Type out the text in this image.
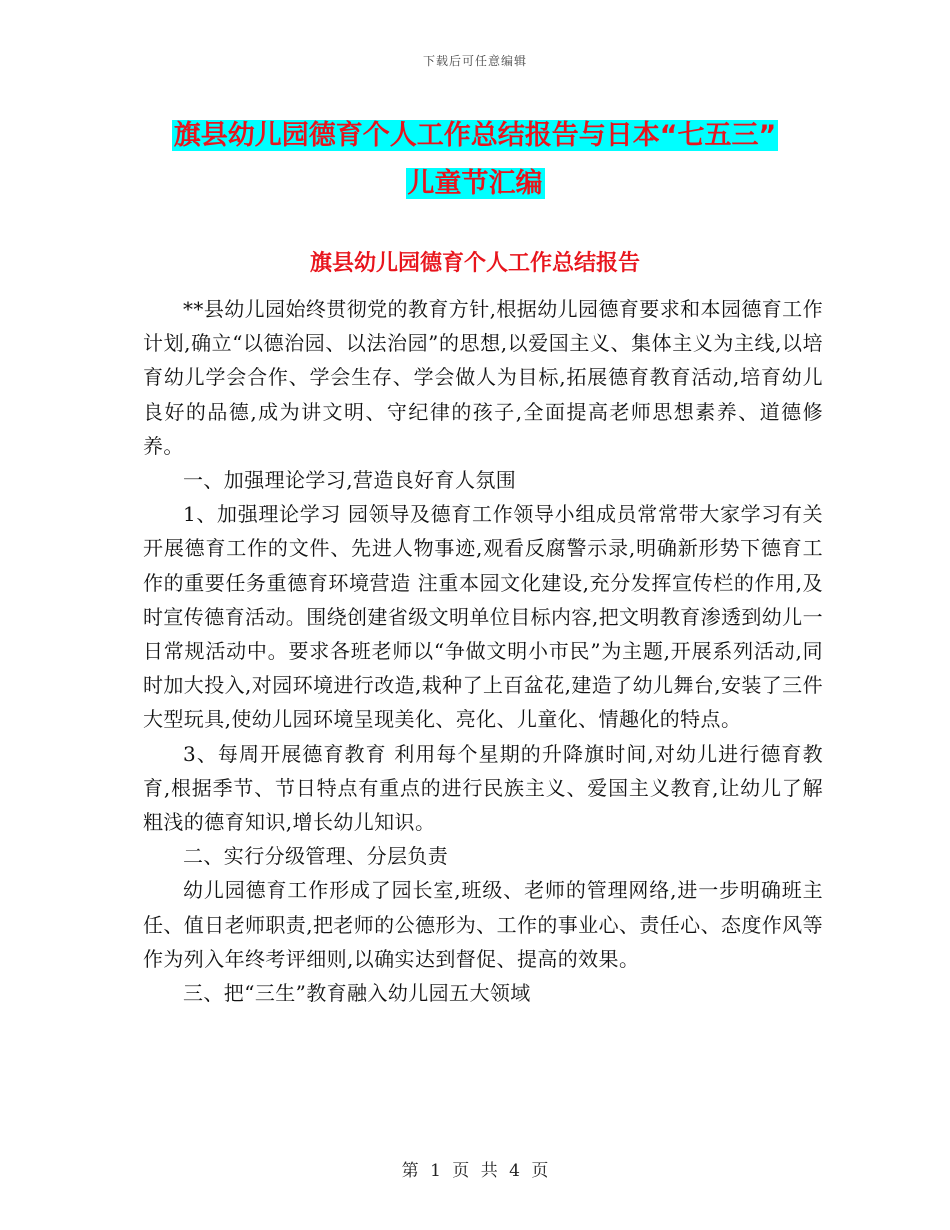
下载后可任意编辑
旗县幼儿园德育个人工作总结报告与日本“七五三”
儿童节汇编
旗县幼儿园德育个人工作总结报告

**县幼儿园始终贯彻党的教育方针,根据幼儿园德育要求和本园德育工作计划,确立“以德治园、以法治园”的思想,以爱国主义、集体主义为主线,以培育幼儿学会合作、学会生存、学会做人为目标,拓展德育教育活动,培育幼儿良好的品德,成为讲文明、守纪律的孩子,全面提高老师思想素养、道德修养。

一、加强理论学习,营造良好育人氛围

1、加强理论学习 园领导及德育工作领导小组成员常常带大家学习有关开展德育工作的文件、先进人物事迹,观看反腐警示录,明确新形势下德育工作的重要任务重德育环境营造 注重本园文化建设,充分发挥宣传栏的作用,及时宣传德育活动。围绕创建省级文明单位目标内容,把文明教育渗透到幼儿一日常规活动中。要求各班老师以“争做文明小市民”为主题,开展系列活动,同时加大投入,对园环境进行改造,栽种了上百盆花,建造了幼儿舞台,安装了三件大型玩具,使幼儿园环境呈现美化、亮化、儿童化、情趣化的特点。

3、每周开展德育教育 利用每个星期的升降旗时间,对幼儿进行德育教育,根据季节、节日特点有重点的进行民族主义、爱国主义教育,让幼儿了解粗浅的德育知识,增长幼儿知识。

二、实行分级管理、分层负责

幼儿园德育工作形成了园长室,班级、老师的管理网络,进一步明确班主任、值日老师职责,把老师的公德形为、工作的事业心、责任心、态度作风等作为列入年终考评细则,以确实达到督促、提高的效果。

三、把“三生”教育融入幼儿园五大领域

第 1 页 共 4 页
